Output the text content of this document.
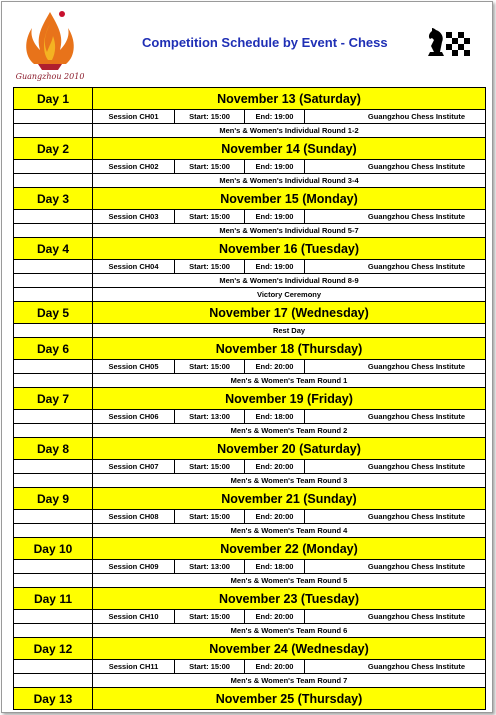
Guangzhou 2010
Competition Schedule by Event - Chess
Day 1	November 13 (Saturday)			
	Session CH01	Start: 15:00	End: 19:00	Guangzhou Chess Institute
	Men's & Women's Individual Round 1-2			
Day 2	November 14 (Sunday)			
	Session CH02	Start: 15:00	End: 19:00	Guangzhou Chess Institute
	Men's & Women's Individual Round 3-4			
Day 3	November 15 (Monday)			
	Session CH03	Start: 15:00	End: 19:00	Guangzhou Chess Institute
	Men's & Women's Individual Round 5-7			
Day 4	November 16 (Tuesday)			
	Session CH04	Start: 15:00	End: 19:00	Guangzhou Chess Institute
	Men's & Women's Individual Round 8-9			
	Victory Ceremony			
Day 5	November 17 (Wednesday)			
	Rest Day			
Day 6	November 18 (Thursday)			
	Session CH05	Start: 15:00	End: 20:00	Guangzhou Chess Institute
	Men's & Women's Team Round 1			
Day 7	November 19 (Friday)			
	Session CH06	Start: 13:00	End: 18:00	Guangzhou Chess Institute
	Men's & Women's Team Round 2			
Day 8	November 20 (Saturday)			
	Session CH07	Start: 15:00	End: 20:00	Guangzhou Chess Institute
	Men's & Women's Team Round 3			
Day 9	November 21 (Sunday)			
	Session CH08	Start: 15:00	End: 20:00	Guangzhou Chess Institute
	Men's & Women's Team Round 4			
Day 10	November 22 (Monday)			
	Session CH09	Start: 13:00	End: 18:00	Guangzhou Chess Institute
	Men's & Women's Team Round 5			
Day 11	November 23 (Tuesday)			
	Session CH10	Start: 15:00	End: 20:00	Guangzhou Chess Institute
	Men's & Women's Team Round 6			
Day 12	November 24 (Wednesday)			
	Session CH11	Start: 15:00	End: 20:00	Guangzhou Chess Institute
	Men's & Women's Team Round 7			
Day 13	November 25 (Thursday)			
